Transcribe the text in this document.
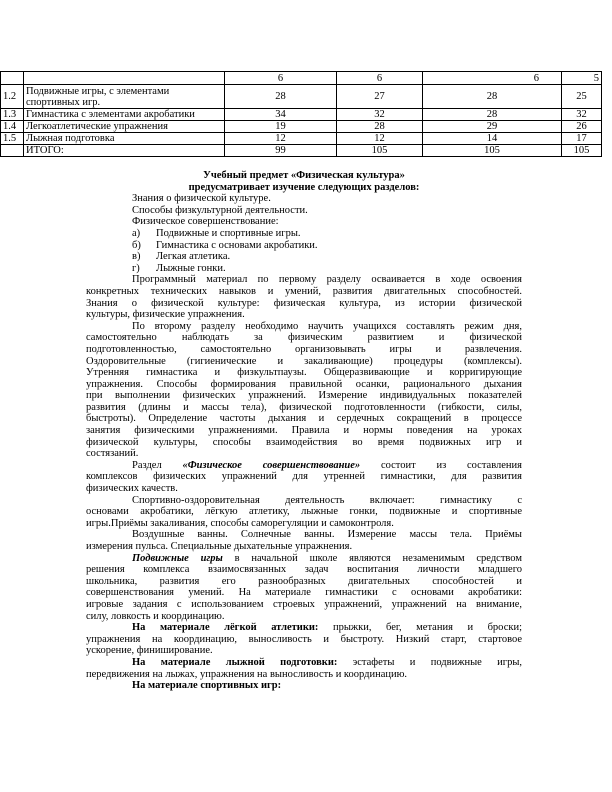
		6	6	6	5
1.2	Подвижные игры, с элементами спортивных игр.	28	27	28	25
1.3	Гимнастика с элементами акробатики	34	32	28	32
1.4	Легкоатлетические упражнения	19	28	29	26
1.5	Лыжная подготовка	12	12	14	17
	ИТОГО:	99	105	105	105

Учебный предмет «Физическая культура»

предусматривает изучение следующих разделов:

Знания о физической культуре.

Способы физкультурной деятельности.

Физическое совершенствование:

а) Подвижные и спортивные игры.

б) Гимнастика с основами акробатики.

в) Легкая атлетика.

г) Лыжные гонки.

Программный материал по первому разделу осваивается в ходе освоения

конкретных технических навыков и умений, развития двигательных способностей.

Знания о физической культуре: физическая культура, из истории физической

культуры, физические упражнения.

По второму разделу необходимо научить учащихся составлять режим дня,

самостоятельно наблюдать за физическим развитием и физической

подготовленностью, самостоятельно организовывать игры и развлечения.

Оздоровительные (гигиенические и закаливающие) процедуры (комплексы).

Утренняя гимнастика и физкультпаузы. Общеразвивающие и корригирующие

упражнения. Способы формирования правильной осанки, рационального дыхания

при выполнении физических упражнений. Измерение индивидуальных показателей

развития (длины и массы тела), физической подготовленности (гибкости, силы,

быстроты). Определение частоты дыхания и сердечных сокращений в процессе

занятия физическими упражнениями. Правила и нормы поведения на уроках

физической культуры, способы взаимодействия во время подвижных игр и

состязаний.

Раздел «Физическое совершенствование» состоит из составления

комплексов физических упражнений для утренней гимнастики, для развития

физических качеств.

Спортивно-оздоровительная деятельность включает: гимнастику с

основами акробатики, лёгкую атлетику, лыжные гонки, подвижные и спортивные

игры.Приёмы закаливания, способы саморегуляции и самоконтроля.

Воздушные ванны. Солнечные ванны. Измерение массы тела. Приёмы

измерения пульса. Специальные дыхательные упражнения.

Подвижные игры в начальной школе являются незаменимым средством

решения комплекса взаимосвязанных задач воспитания личности младшего

школьника, развития его разнообразных двигательных способностей и

совершенствования умений. На материале гимнастики с основами акробатики:

игровые задания с использованием строевых упражнений, упражнений на внимание,

силу, ловкость и координацию.

На материале лёгкой атлетики: прыжки, бег, метания и броски;

упражнения на координацию, выносливость и быстроту. Низкий старт, стартовое

ускорение, финиширование.

На материале лыжной подготовки: эстафеты и подвижные игры,

передвижения на лыжах, упражнения на выносливость и координацию.

На материале спортивных игр:
